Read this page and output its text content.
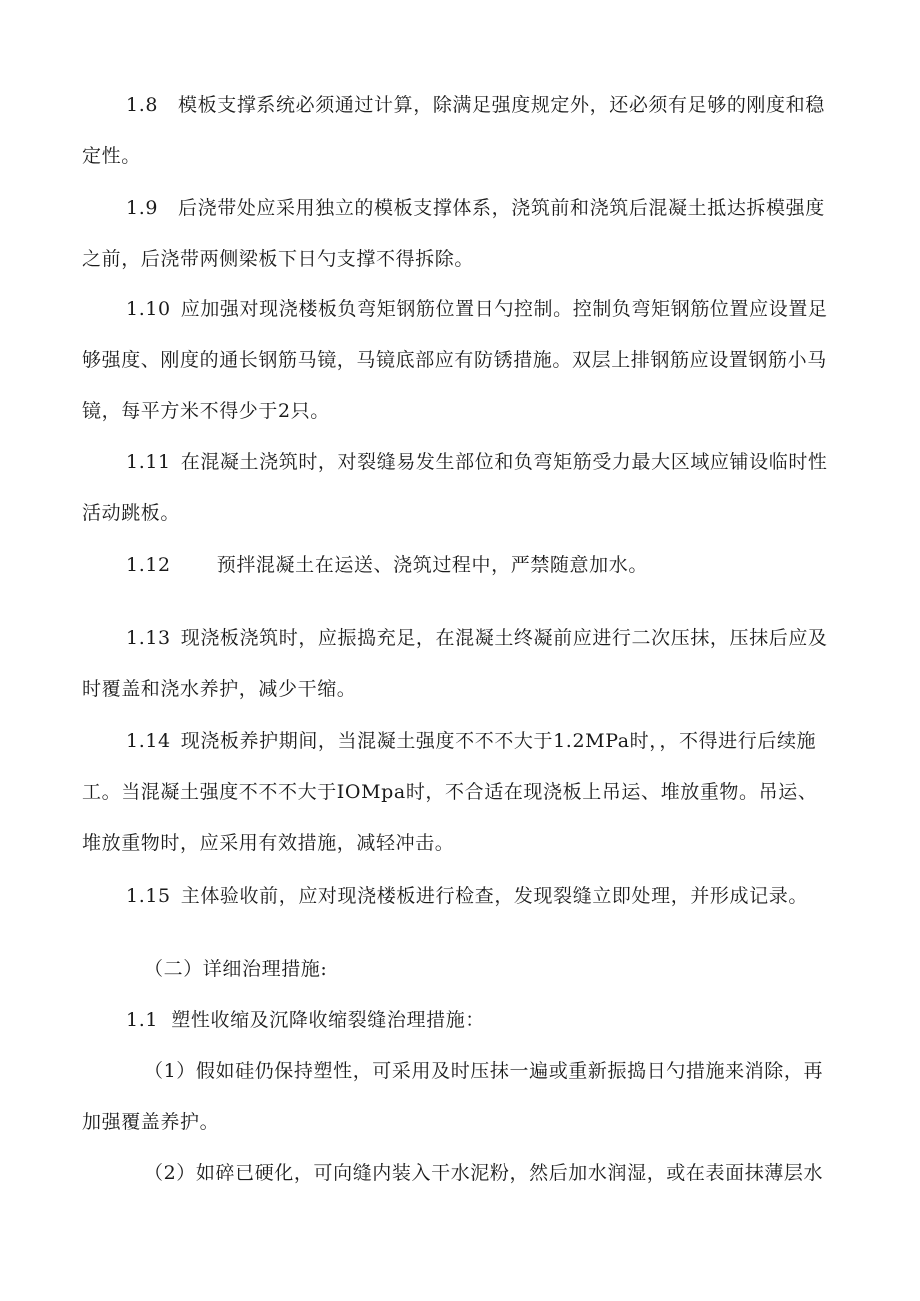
1.8 模板支撑系统必须通过计算，除满足强度规定外，还必须有足够的刚度和稳
定性。

1.9 后浇带处应采用独立的模板支撑体系，浇筑前和浇筑后混凝土抵达拆模强度
之前，后浇带两侧梁板下日勺支撑不得拆除。

1.10 应加强对现浇楼板负弯矩钢筋位置日勺控制。控制负弯矩钢筋位置应设置足
够强度、刚度的通长钢筋马镜，马镜底部应有防锈措施。双层上排钢筋应设置钢筋小马
镜，每平方米不得少于2只。

1.11 在混凝土浇筑时，对裂缝易发生部位和负弯矩筋受力最大区域应铺设临时性
活动跳板。

1.12 预拌混凝土在运送、浇筑过程中，严禁随意加水。

1.13 现浇板浇筑时，应振捣充足，在混凝土终凝前应进行二次压抹，压抹后应及
时覆盖和浇水养护，减少干缩。

1.14 现浇板养护期间，当混凝土强度不不不大于1.2MPa时，，不得进行后续施
工。当混凝土强度不不不大于IOMpa时，不合适在现浇板上吊运、堆放重物。吊运、
堆放重物时，应采用有效措施，减轻冲击。

1.15 主体验收前，应对现浇楼板进行检查，发现裂缝立即处理，并形成记录。

（二）详细治理措施:

1.1  塑性收缩及沉降收缩裂缝治理措施：

（1）假如硅仍保持塑性，可采用及时压抹一遍或重新振捣日勺措施来消除，再
加强覆盖养护。

（2）如碎已硬化，可向缝内装入干水泥粉，然后加水润湿，或在表面抹薄层水
